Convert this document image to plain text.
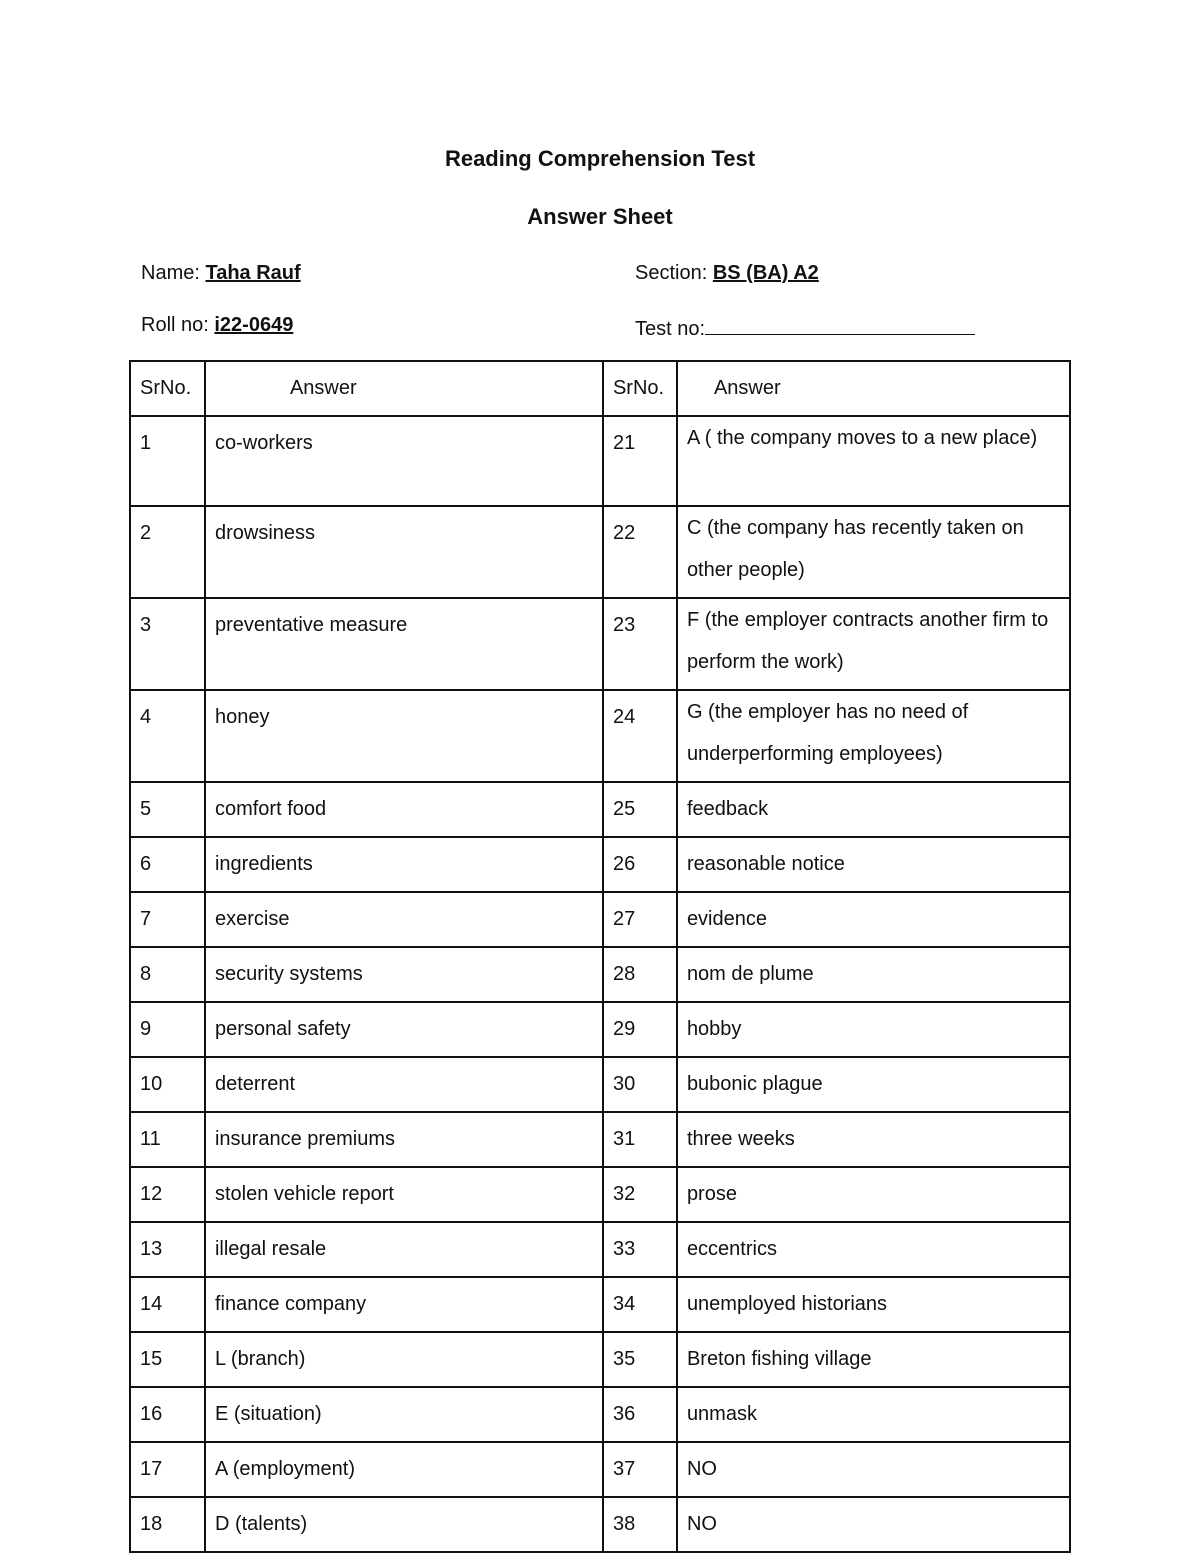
Reading Comprehension Test
Answer Sheet
Name: Taha Rauf	Section: BS (BA) A2
Roll no: i22-0649	Test no:
SrNo.	Answer	SrNo.	Answer
1	co-workers	21	A ( the company moves to a new place)
2	drowsiness	22	C (the company has recently taken on other people)
3	preventative measure	23	F (the employer contracts another firm to perform the work)
4	honey	24	G (the employer has no need of underperforming employees)
5	comfort food	25	feedback
6	ingredients	26	reasonable notice
7	exercise	27	evidence
8	security systems	28	nom de plume
9	personal safety	29	hobby
10	deterrent	30	bubonic plague
11	insurance premiums	31	three weeks
12	stolen vehicle report	32	prose
13	illegal resale	33	eccentrics
14	finance company	34	unemployed historians
15	L (branch)	35	Breton fishing village
16	E (situation)	36	unmask
17	A (employment)	37	NO
18	D (talents)	38	NO
